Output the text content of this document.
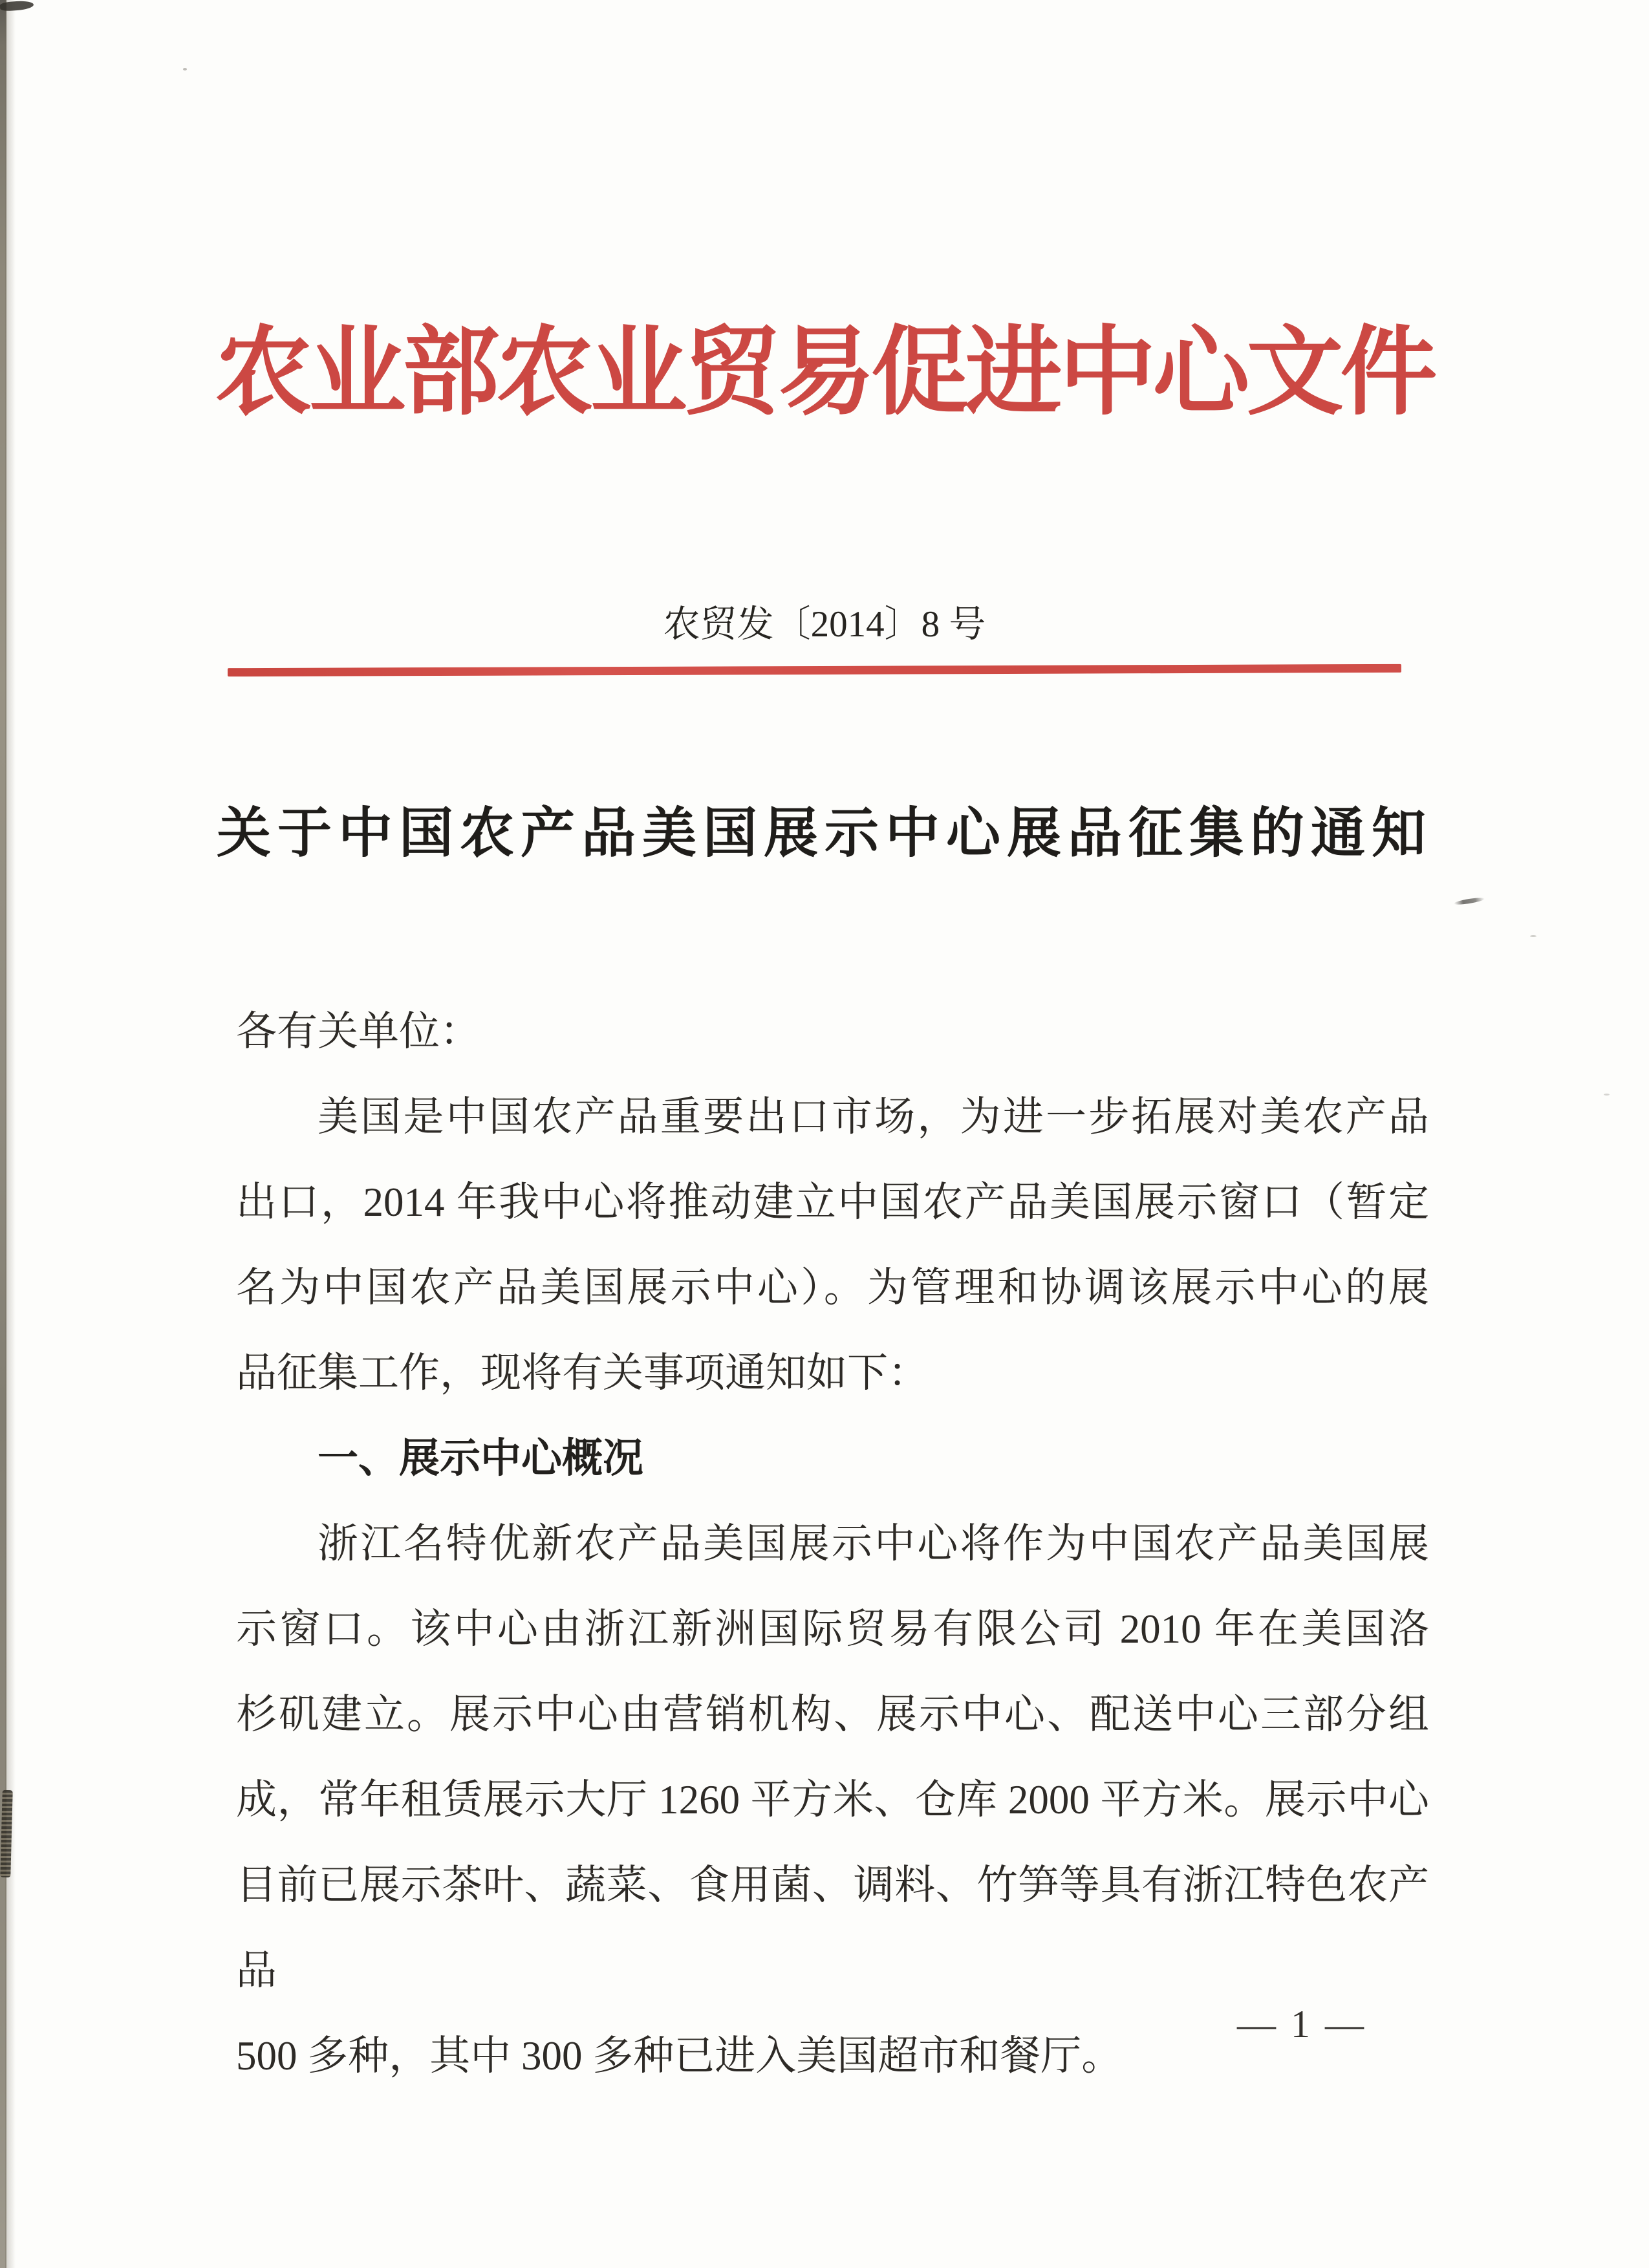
农业部农业贸易促进中心文件
农贸发〔2014〕8 号
关于中国农产品美国展示中心展品征集的通知
各有关单位：
美国是中国农产品重要出口市场，为进一步拓展对美农产品
出口，2014 年我中心将推动建立中国农产品美国展示窗口（暂定
名为中国农产品美国展示中心）。为管理和协调该展示中心的展
品征集工作，现将有关事项通知如下：
一、展示中心概况
浙江名特优新农产品美国展示中心将作为中国农产品美国展
示窗口。该中心由浙江新洲国际贸易有限公司 2010 年在美国洛
杉矶建立。展示中心由营销机构、展示中心、配送中心三部分组
成，常年租赁展示大厅 1260 平方米、仓库 2000 平方米。展示中心
目前已展示茶叶、蔬菜、食用菌、调料、竹笋等具有浙江特色农产品
500 多种，其中 300 多种已进入美国超市和餐厅。
— 1 —
